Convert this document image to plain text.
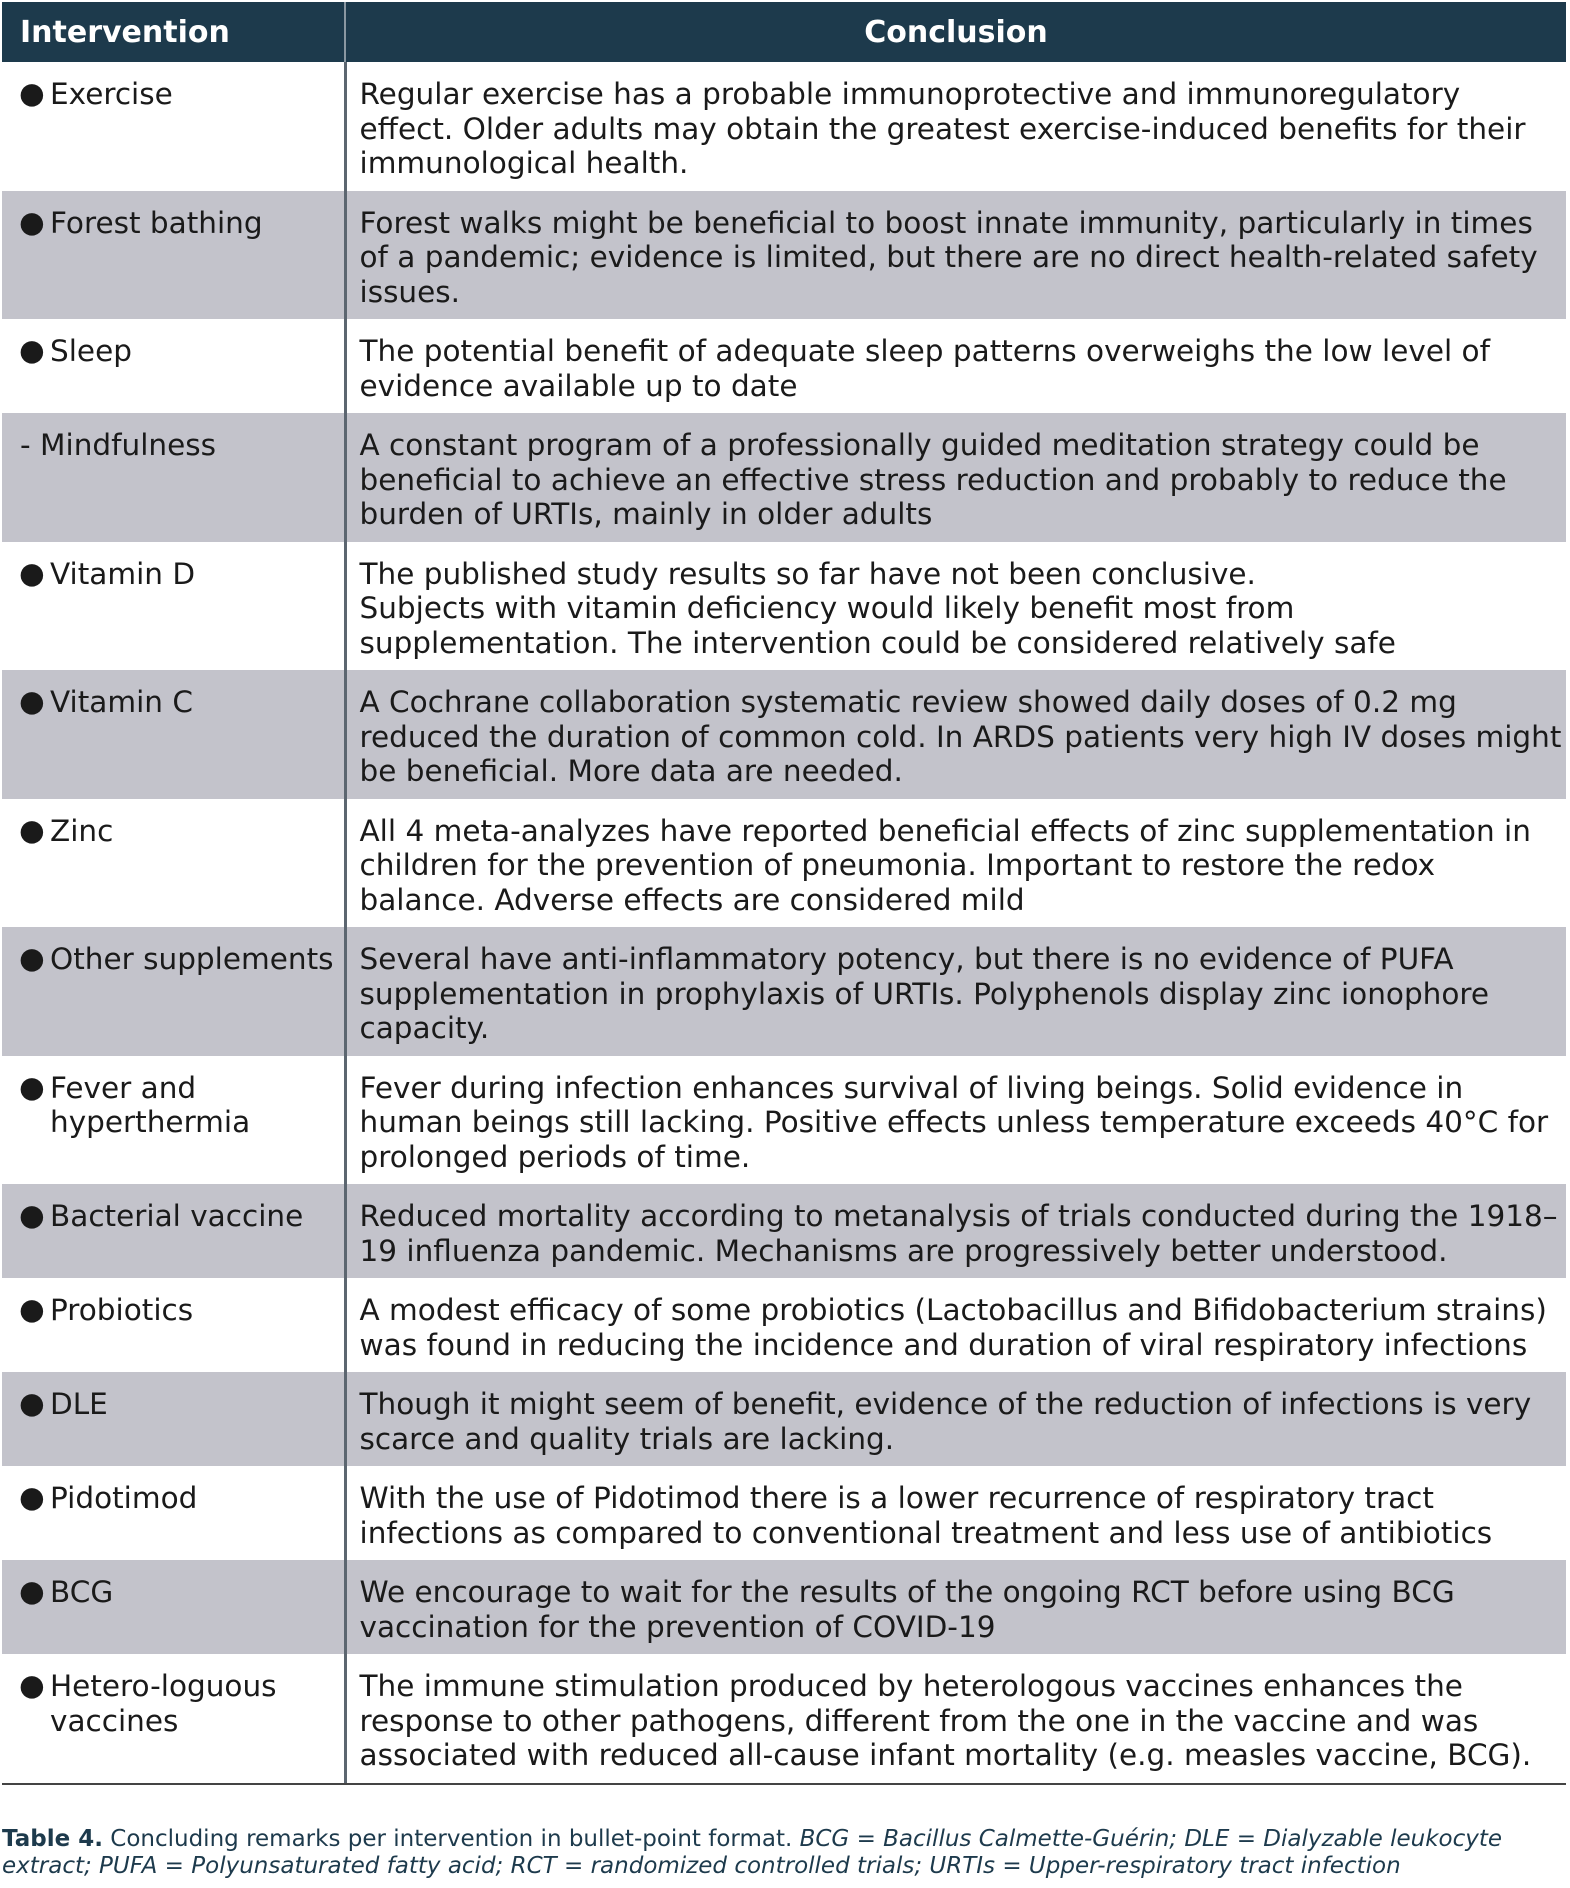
Intervention	Conclusion

● Exercise	Regular exercise has a probable immunoprotective and immunoregulatory effect. Older adults may obtain the greatest exercise-induced benefits for their immunological health.

● Forest bathing	Forest walks might be beneficial to boost innate immunity, particularly in times of a pandemic; evidence is limited, but there are no direct health-related safety issues.

● Sleep	The potential benefit of adequate sleep patterns overweighs the low level of evidence available up to date
- Mindfulness	A constant program of a professionally guided meditation strategy could be beneficial to achieve an effective stress reduction and probably to reduce the burden of URTIs, mainly in older adults

● Vitamin D	The published study results so far have not been conclusive.
Subjects with vitamin deficiency would likely benefit most from supplementation. The intervention could be considered relatively safe

● Vitamin C	A Cochrane collaboration systematic review showed daily doses of 0.2 mg reduced the duration of common cold. In ARDS patients very high IV doses might be beneficial. More data are needed.

● Zinc	All 4 meta-analyzes have reported beneficial effects of zinc supplementation in children for the prevention of pneumonia. Important to restore the redox balance. Adverse effects are considered mild

● Other supplements	Several have anti-inflammatory potency, but there is no evidence of PUFA supplementation in prophylaxis of URTIs. Polyphenols display zinc ionophore capacity.

● Fever and hyperthermia	Fever during infection enhances survival of living beings. Solid evidence in human beings still lacking. Positive effects unless temperature exceeds 40°C for prolonged periods of time.

● Bacterial vaccine	Reduced mortality according to metanalysis of trials conducted during the 1918–19 influenza pandemic. Mechanisms are progressively better understood.

● Probiotics	A modest efficacy of some probiotics (Lactobacillus and Bifidobacterium strains) was found in reducing the incidence and duration of viral respiratory infections

● DLE	Though it might seem of benefit, evidence of the reduction of infections is very scarce and quality trials are lacking.

● Pidotimod	With the use of Pidotimod there is a lower recurrence of respiratory tract infections as compared to conventional treatment and less use of antibiotics

● BCG	We encourage to wait for the results of the ongoing RCT before using BCG vaccination for the prevention of COVID-19

● Hetero-loguous vaccines	The immune stimulation produced by heterologous vaccines enhances the response to other pathogens, different from the one in the vaccine and was associated with reduced all-cause infant mortality (e.g. measles vaccine, BCG).
Table 4. Concluding remarks per intervention in bullet-point format. BCG = Bacillus Calmette-Guérin; DLE = Dialyzable leukocyte extract; PUFA = Polyunsaturated fatty acid; RCT = randomized controlled trials; URTIs = Upper-respiratory tract infection
